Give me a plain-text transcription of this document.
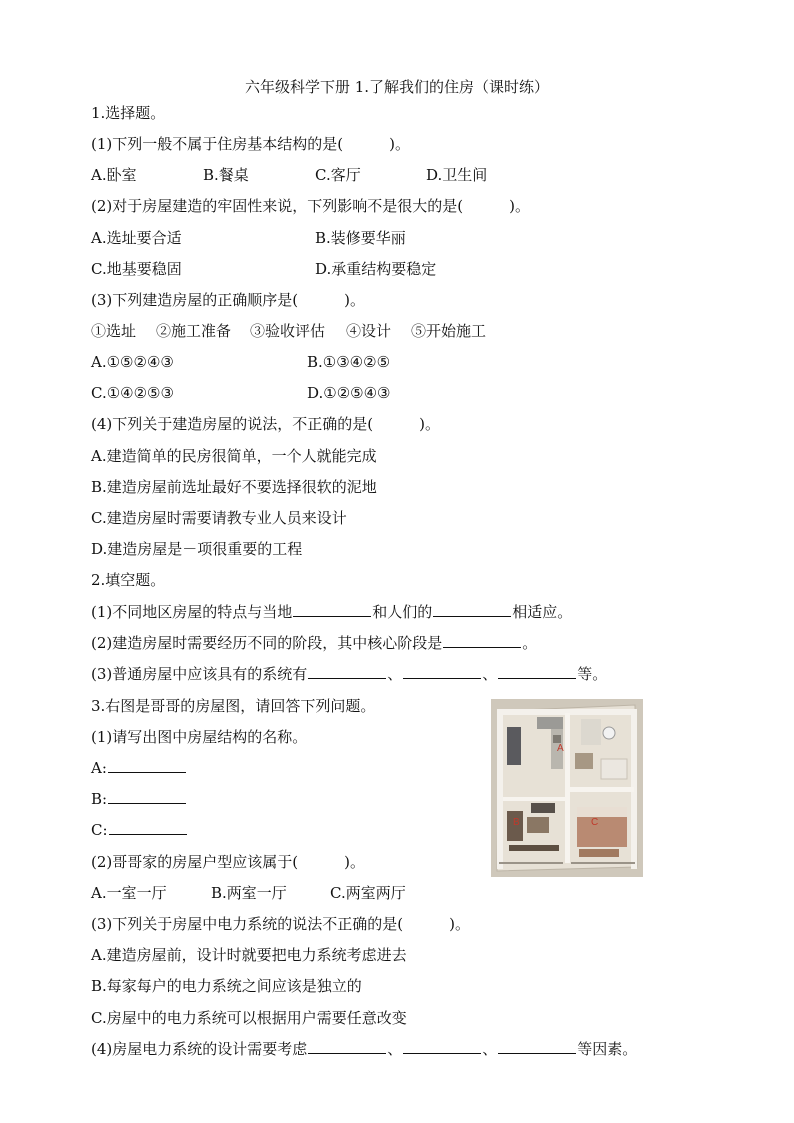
六年级科学下册 1.了解我们的住房（课时练）
1.选择题。
(1)下列一般不属于住房基本结构的是(	)。
A.卧室	B.餐桌	C.客厅	D.卫生间
(2)对于房屋建造的牢固性来说，下列影响不是很大的是(	)。
A.选址要合适	B.装修要华丽
C.地基要稳固	D.承重结构要稳定
(3)下列建造房屋的正确顺序是(	)。
①选址 ②施工准备 ③验收评估 ④设计 ⑤开始施工
A.①⑤②④③	B.①③④②⑤
C.①④②⑤③	D.①②⑤④③
(4)下列关于建造房屋的说法，不正确的是(	)。
A.建造简单的民房很简单，一个人就能完成
B.建造房屋前选址最好不要选择很软的泥地
C.建造房屋时需要请教专业人员来设计
D.建造房屋是－项很重要的工程
2.填空题。
(1)不同地区房屋的特点与当地	和人们的	相适应。
(2)建造房屋时需要经历不同的阶段，其中核心阶段是	。
(3)普通房屋中应该具有的系统有	、	、	等。
3.右图是哥哥的房屋图，请回答下列问题。
(1)请写出图中房屋结构的名称。
A:
B:
C:
(2)哥哥家的房屋户型应该属于(	)。
A.一室一厅	B.两室一厅	C.两室两厅
(3)下列关于房屋中电力系统的说法不正确的是(	)。
A.建造房屋前，设计时就要把电力系统考虑进去
B.每家每户的电力系统之间应该是独立的
C.房屋中的电力系统可以根据用户需要任意改变
(4)房屋电力系统的设计需要考虑	、	、	等因素。
A
B	C
